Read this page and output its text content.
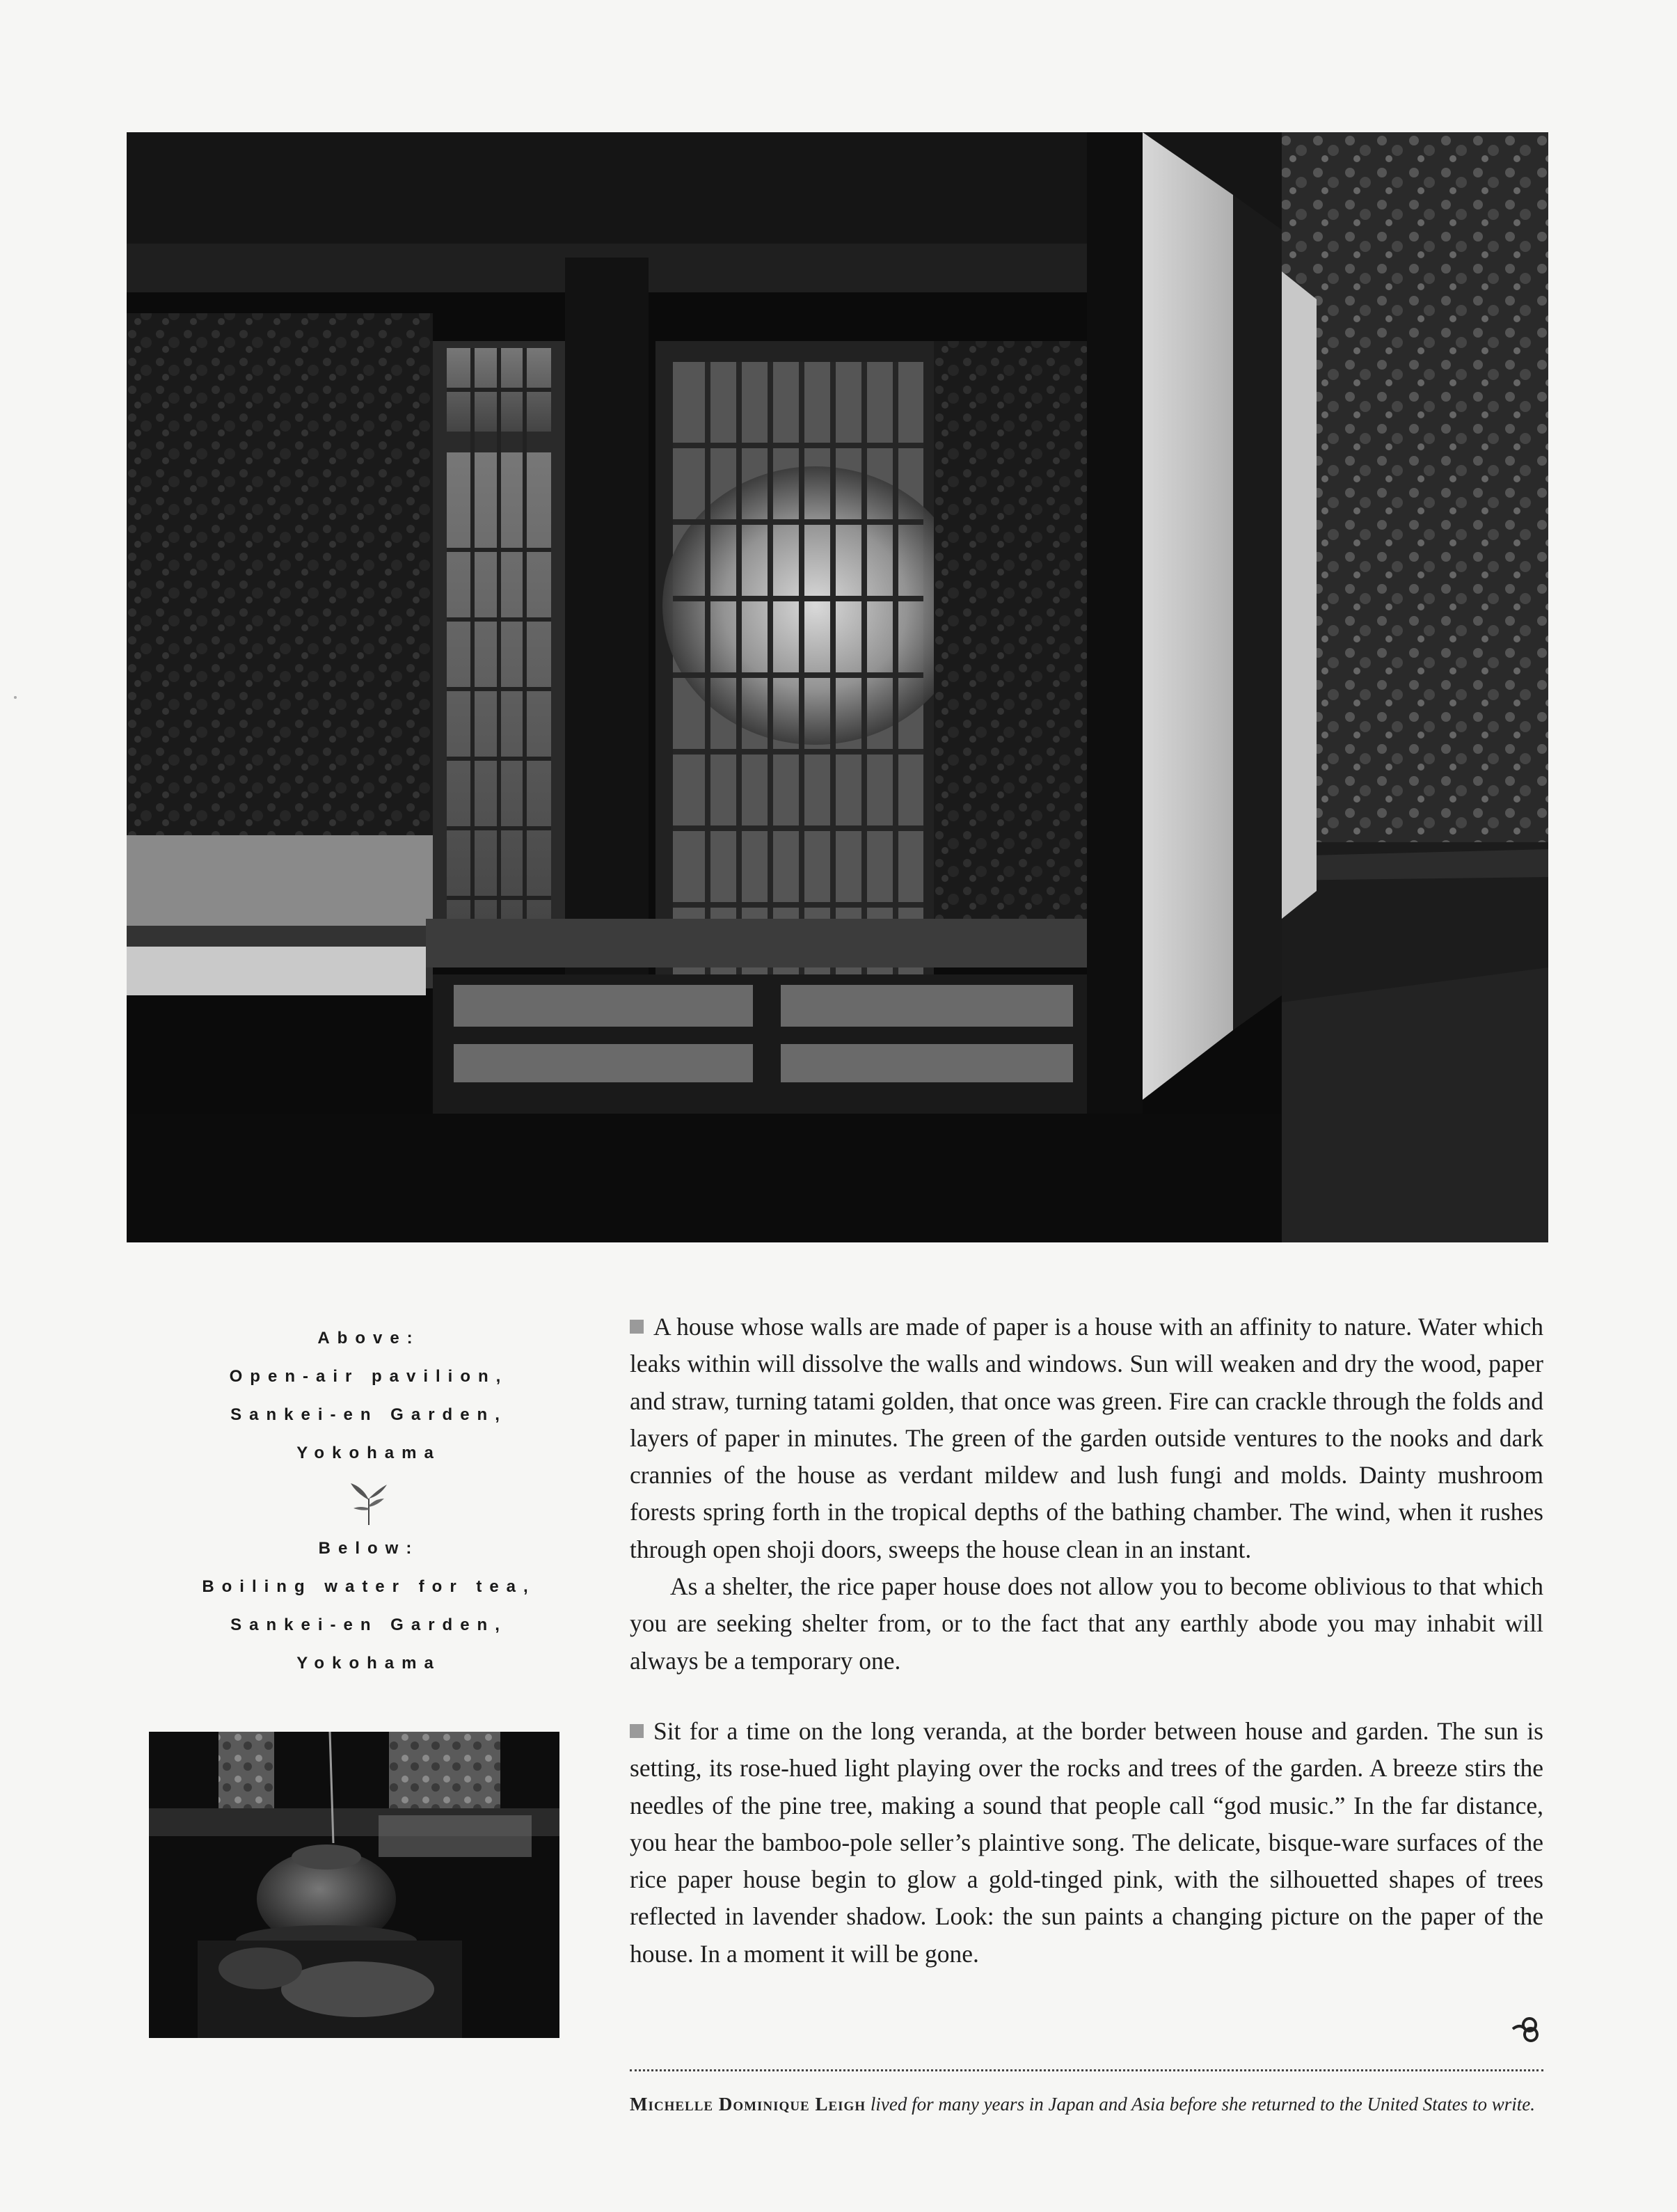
Above:
Open-air pavilion,
Sankei-en Garden,
Yokohama
Below:
Boiling water for tea,
Sankei-en Garden,
Yokohama

A house whose walls are made of paper is a house with an affinity to nature. Water which leaks within will dissolve the walls and windows. Sun will weaken and dry the wood, paper and straw, turning tatami golden, that once was green. Fire can crackle through the folds and layers of paper in minutes. The green of the garden outside ventures to the nooks and dark crannies of the house as verdant mildew and lush fungi and molds. Dainty mushroom forests spring forth in the tropical depths of the bathing chamber. The wind, when it rushes through open shoji doors, sweeps the house clean in an instant.

As a shelter, the rice paper house does not allow you to become oblivious to that which you are seeking shelter from, or to the fact that any earthly abode you may inhabit will always be a temporary one.

Sit for a time on the long veranda, at the border between house and garden. The sun is setting, its rose-hued light playing over the rocks and trees of the garden. A breeze stirs the needles of the pine tree, making a sound that people call “god music.” In the far distance, you hear the bamboo-pole seller’s plaintive song. The delicate, bisque-ware surfaces of the rice paper house begin to glow a gold-tinged pink, with the silhouetted shapes of trees reflected in lavender shadow. Look: the sun paints a changing picture on the paper of the house. In a moment it will be gone.

Michelle Dominique Leigh lived for many years in Japan and Asia before she returned to the United States to write.
